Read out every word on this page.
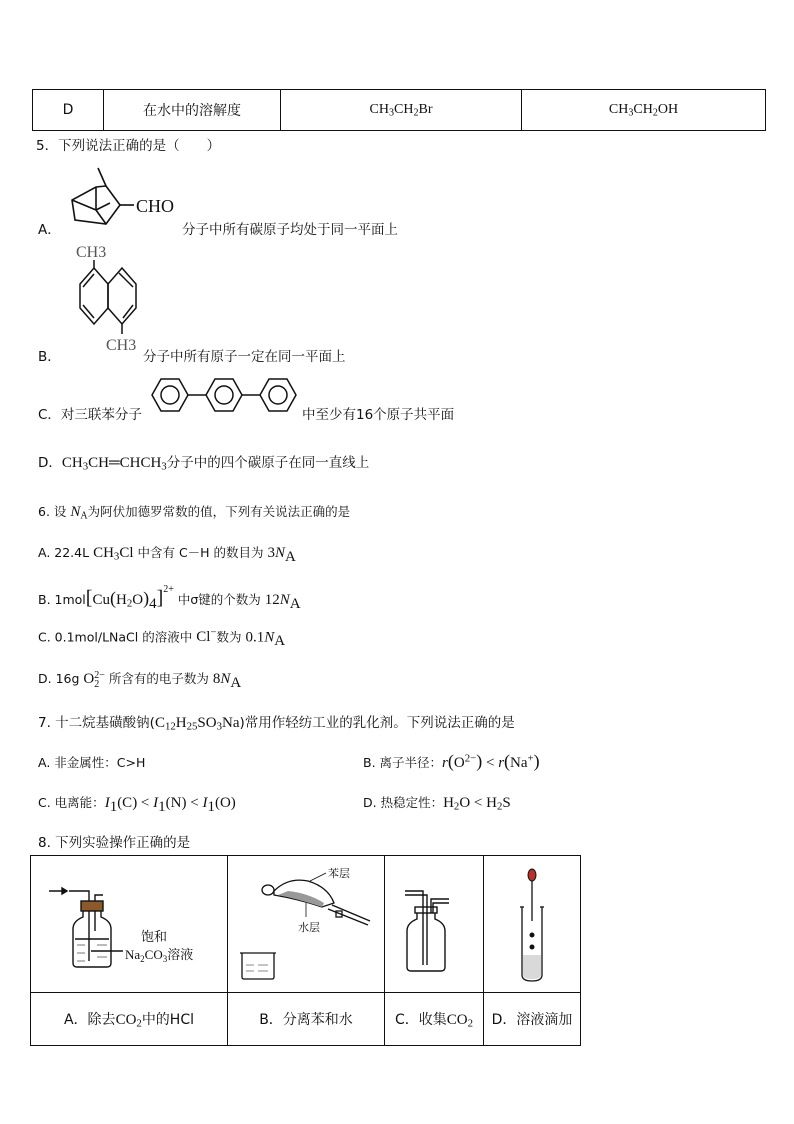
D	在水中的溶解度	$CH_3CH_2Br$	$CH_3CH_2OH$
5．下列说法正确的是（　　）
A．
CHO
分子中所有碳原子均处于同一平面上
B．
CH3
CH3
分子中所有原子一定在同一平面上
C．对三联苯分子	中至少有16个原子共平面
D．$CH_3CH═CHCH_3$分子中的四个碳原子在同一直线上
6. 设 $N_A$为阿伏加德罗常数的值，下列有关说法正确的是
A. 22.4L $CH_3Cl$ 中含有 C－H 的数目为 $3N_A$
B. $1mol[Cu(H_2O)_4]^{2+}$ 中σ键的个数为 $12N_A$
C. 0.1mol/LNaCl 的溶液中 Cl−数为 $0.1N_A$
D. 16g O 2−
2 所含有的电子数为 $8N_A$
7. 十二烷基磺酸钠$(C_{12}H_{25}SO_3Na)$常用作轻纺工业的乳化剂。下列说法正确的是
A. 非金属性：C>H	B. 离子半径：$r(O^{2-}) < r(Na^+)$
C. 电离能：$I_1(C) < I_1(N) < I_1(O)$	D. 热稳定性：$H_2O < H_2S$
8. 下列实验操作正确的是
饱和
$Na_2CO_3$溶液	苯层
水层

A．除去$CO_2$中的HCl	B．分离苯和水	C．收集$CO_2$	D．溶液滴加
